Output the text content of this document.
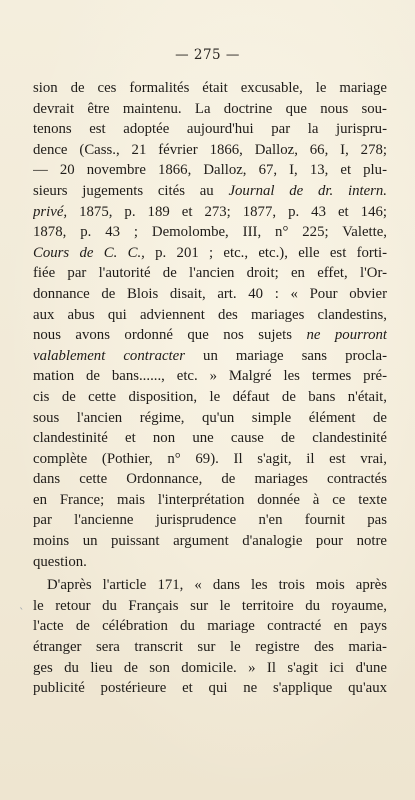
— 275 —
sion de ces formalités était excusable, le mariage
devrait être maintenu. La doctrine que nous sou-
tenons est adoptée aujourd'hui par la jurispru-
dence (Cass., 21 février 1866, Dalloz, 66, I, 278;
— 20 novembre 1866, Dalloz, 67, I, 13, et plu-
sieurs jugements cités au Journal de dr. intern.
privé, 1875, p. 189 et 273; 1877, p. 43 et 146;
1878, p. 43 ; Demolombe, III, n° 225; Valette,
Cours de C. C., p. 201 ; etc., etc.), elle est forti-
fiée par l'autorité de l'ancien droit; en effet, l'Or-
donnance de Blois disait, art. 40 : « Pour obvier
aux abus qui adviennent des mariages clandestins,
nous avons ordonné que nos sujets ne pourront
valablement contracter un mariage sans procla-
mation de bans......, etc. » Malgré les termes pré-
cis de cette disposition, le défaut de bans n'était,
sous l'ancien régime, qu'un simple élément de
clandestinité et non une cause de clandestinité
complète (Pothier, n° 69). Il s'agit, il est vrai,
dans cette Ordonnance, de mariages contractés
en France; mais l'interprétation donnée à ce texte
par l'ancienne jurisprudence n'en fournit pas
moins un puissant argument d'analogie pour notre
question.
D'après l'article 171, « dans les trois mois après
le retour du Français sur le territoire du royaume,
l'acte de célébration du mariage contracté en pays
étranger sera transcrit sur le registre des maria-
ges du lieu de son domicile. » Il s'agit ici d'une
publicité postérieure et qui ne s'applique qu'aux
ˋ
